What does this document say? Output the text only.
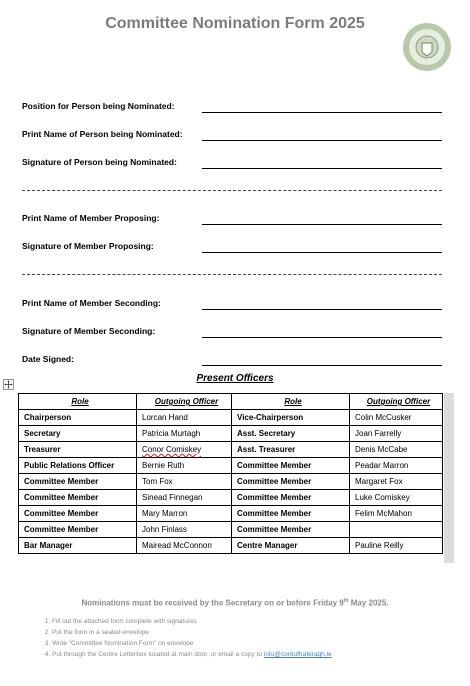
Committee Nomination Form 2025
Position for Person being Nominated:
Print Name of Person being Nominated:
Signature of Person being Nominated:
Print Name of Member Proposing:
Signature of Member Proposing:
Print Name of Member Seconding:
Signature of Member Seconding:
Date Signed:
Present Officers
Role	Outgoing Officer	Role	Outgoing Officer
Chairperson	Lorcan Hand	Vice-Chairperson	Colin McCusker
Secretary	Patricia Murtagh	Asst. Secretary	Joan Farrelly
Treasurer	Conor Comiskey	Asst. Treasurer	Denis McCabe
Public Relations Officer	Bernie Ruth	Committee Member	Peadar Marron
Committee Member	Tom Fox	Committee Member	Margaret Fox
Committee Member	Sinead Finnegan	Committee Member	Luke Comiskey
Committee Member	Mary Marron	Committee Member	Felim McMahon
Committee Member	John Finlass	Committee Member	
Bar Manager	Mairead McConnon	Centre Manager	Pauline Reilly
Nominations must be received by the Secretary on or before Friday 9th May 2025.
1. Fill out the attached form complete with signatures
2. Put the form in a sealed envelope
3. Write “Committee Nomination Form” on envelope
4. Put through the Centre Letterbox located at main door, or email a copy to info@corduffraferagh.ie
